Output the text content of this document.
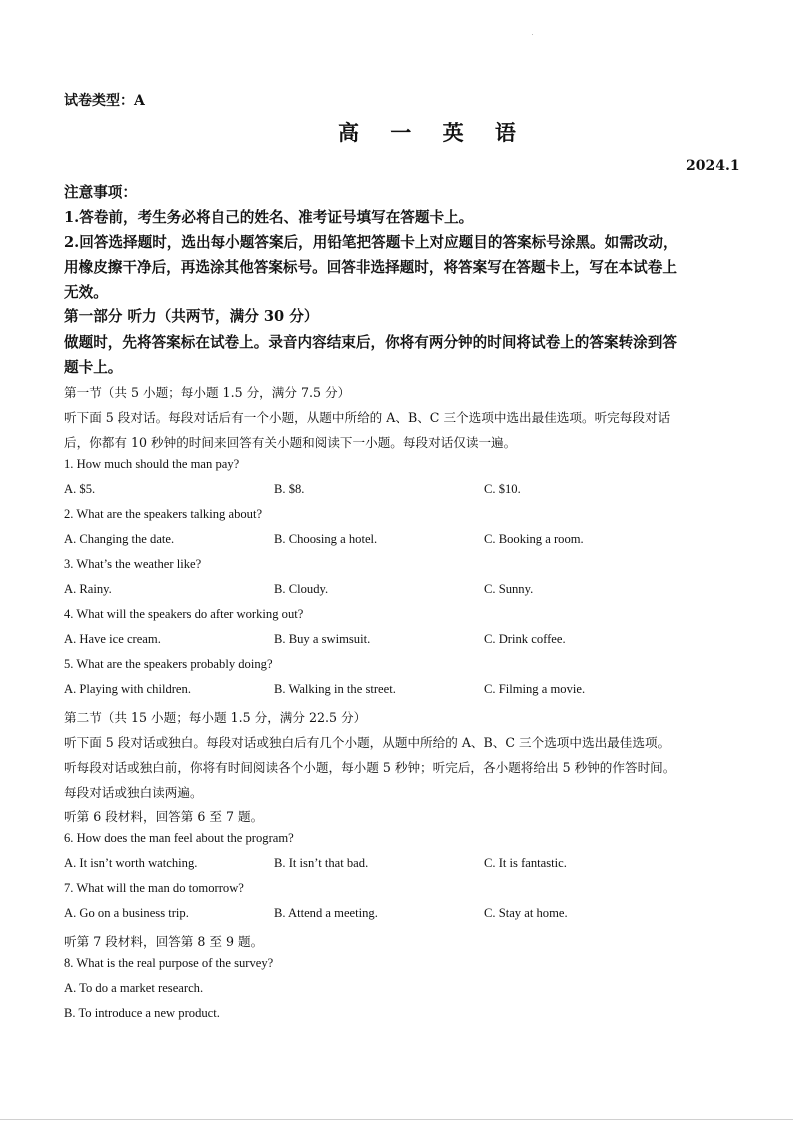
试卷类型：A
高 一 英 语
2024.1
注意事项：
1.答卷前，考生务必将自己的姓名、准考证号填写在答题卡上。
2.回答选择题时，选出每小题答案后，用铅笔把答题卡上对应题目的答案标号涂黑。如需改动，
用橡皮擦干净后，再选涂其他答案标号。回答非选择题时，将答案写在答题卡上，写在本试卷上
无效。
第一部分 听力（共两节，满分 30 分）
做题时，先将答案标在试卷上。录音内容结束后，你将有两分钟的时间将试卷上的答案转涂到答
题卡上。
第一节（共 5 小题；每小题 1.5 分，满分 7.5 分）
听下面 5 段对话。每段对话后有一个小题，从题中所给的 A、B、C 三个选项中选出最佳选项。听完每段对话
后，你都有 10 秒钟的时间来回答有关小题和阅读下一小题。每段对话仅读一遍。
1. How much should the man pay?
A. $5.	B. $8.	C. $10.
2. What are the speakers talking about?
A. Changing the date.	B. Choosing a hotel.	C. Booking a room.
3. What’s the weather like?
A. Rainy.	B. Cloudy.	C. Sunny.
4. What will the speakers do after working out?
A. Have ice cream.	B. Buy a swimsuit.	C. Drink coffee.
5. What are the speakers probably doing?
A. Playing with children.	B. Walking in the street.	C. Filming a movie.
第二节（共 15 小题；每小题 1.5 分，满分 22.5 分）
听下面 5 段对话或独白。每段对话或独白后有几个小题，从题中所给的 A、B、C 三个选项中选出最佳选项。
听每段对话或独白前，你将有时间阅读各个小题，每小题 5 秒钟；听完后，各小题将给出 5 秒钟的作答时间。
每段对话或独白读两遍。
听第 6 段材料，回答第 6 至 7 题。
6. How does the man feel about the program?
A. It isn’t worth watching.	B. It isn’t that bad.	C. It is fantastic.
7. What will the man do tomorrow?
A. Go on a business trip.	B. Attend a meeting.	C. Stay at home.
听第 7 段材料，回答第 8 至 9 题。
8. What is the real purpose of the survey?
A. To do a market research.
B. To introduce a new product.
